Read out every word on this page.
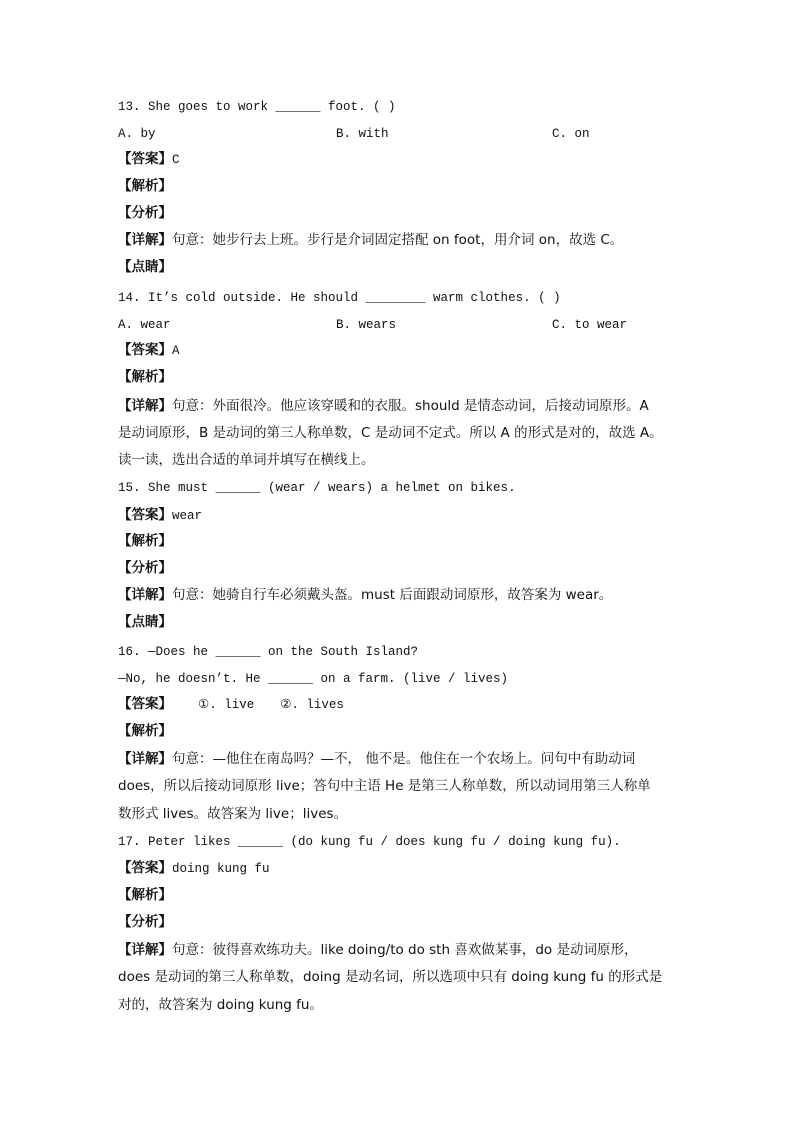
13. She goes to work ______ foot. ( )
A. by	B. with	C. on
【答案】C
【解析】
【分析】
【详解】句意：她步行去上班。步行是介词固定搭配 on foot，用介词 on，故选 C。
【点睛】
14. It’s cold outside. He should ________ warm clothes. ( )
A. wear	B. wears	C. to wear
【答案】A
【解析】
【详解】句意：外面很冷。他应该穿暖和的衣服。should 是情态动词，后接动词原形。A
是动词原形，B 是动词的第三人称单数，C 是动词不定式。所以 A 的形式是对的，故选 A。
读一读，选出合适的单词并填写在横线上。
15. She must ______ (wear / wears) a helmet on bikes.
【答案】wear
【解析】
【分析】
【详解】句意：她骑自行车必须戴头盔。must 后面跟动词原形，故答案为 wear。
【点睛】
16. —Does he ______ on the South Island?
—No, he doesn’t. He ______ on a farm. (live / lives)
【答案】 ①. live ②. lives
【解析】
【详解】句意：—他住在南岛吗？—不， 他不是。他住在一个农场上。问句中有助动词
does，所以后接动词原形 live；答句中主语 He 是第三人称单数，所以动词用第三人称单
数形式 lives。故答案为 live；lives。
17. Peter likes ______ (do kung fu / does kung fu / doing kung fu).
【答案】doing kung fu
【解析】
【分析】
【详解】句意：彼得喜欢练功夫。like doing/to do sth 喜欢做某事，do 是动词原形，
does 是动词的第三人称单数，doing 是动名词，所以选项中只有 doing kung fu 的形式是
对的，故答案为 doing kung fu。
